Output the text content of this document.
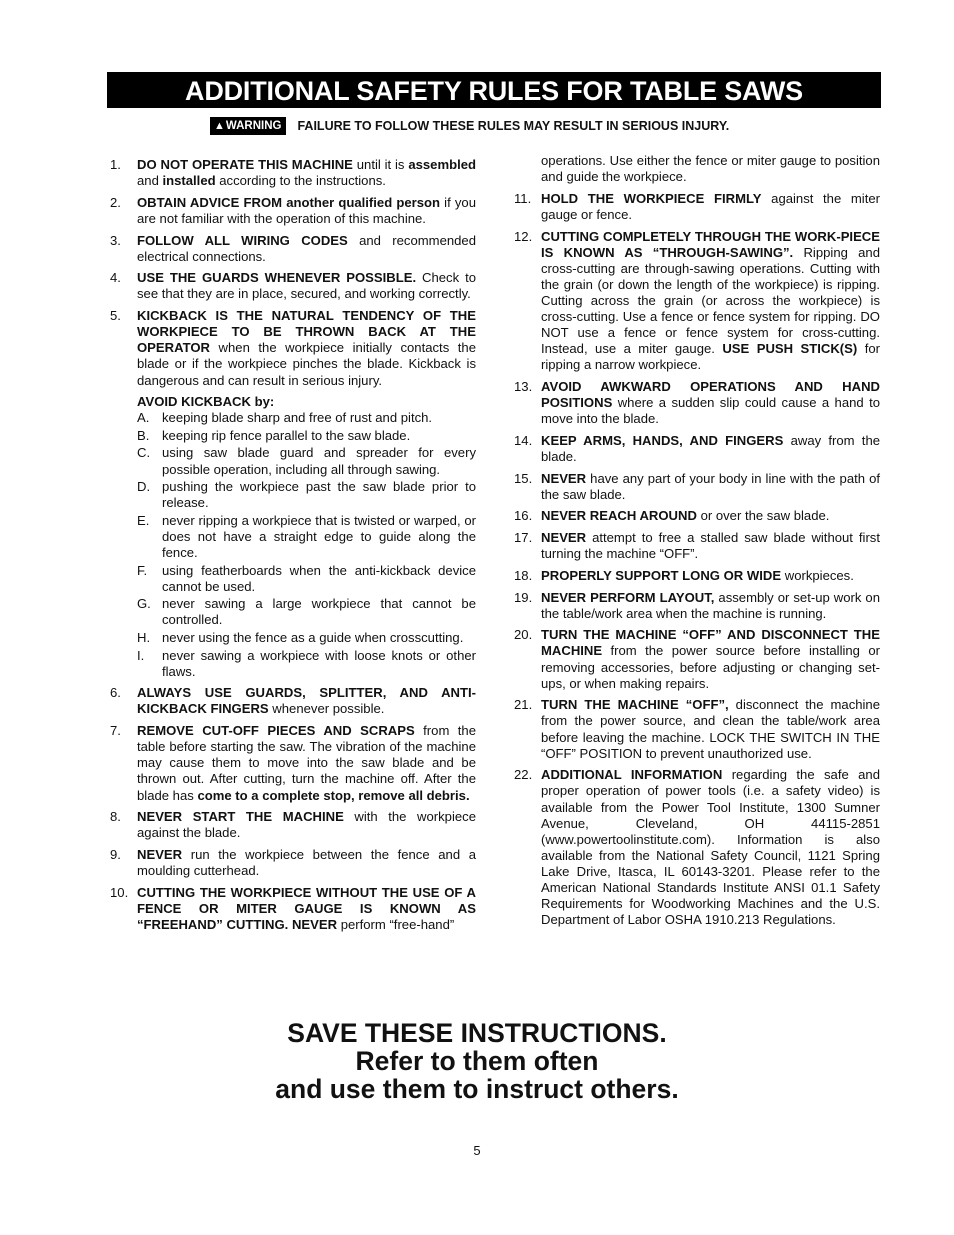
ADDITIONAL SAFETY RULES FOR TABLE SAWS
▲ WARNING FAILURE TO FOLLOW THESE RULES MAY RESULT IN SERIOUS INJURY.
1.	DO NOT OPERATE THIS MACHINE until it is assembled and installed according to the instructions.
2.	OBTAIN ADVICE FROM another qualified person if you are not familiar with the operation of this machine.
3.	FOLLOW ALL WIRING CODES and recommended electrical connections.
4.	USE THE GUARDS WHENEVER POSSIBLE. Check to see that they are in place, secured, and working correctly.
5.	KICKBACK IS THE NATURAL TENDENCY OF THE WORKPIECE TO BE THROWN BACK AT THE OPERATOR when the workpiece initially contacts the blade or if the workpiece pinches the blade. Kickback is dangerous and can result in serious injury.
AVOID KICKBACK by:
A. keeping blade sharp and free of rust and pitch.
B. keeping rip fence parallel to the saw blade.
C. using saw blade guard and spreader for every possible operation, including all through sawing.
D. pushing the workpiece past the saw blade prior to release.
E. never ripping a workpiece that is twisted or warped, or does not have a straight edge to guide along the fence.
F.	using featherboards when the anti-kickback device cannot be used.
G. never sawing a large workpiece that cannot be controlled.
H. never using the fence as a guide when crosscutting.
I.	never sawing a workpiece with loose knots or other flaws.
6.	ALWAYS USE GUARDS, SPLITTER, AND ANTI-KICKBACK FINGERS whenever possible.
7.	REMOVE CUT-OFF PIECES AND SCRAPS from the table before starting the saw. The vibration of the machine may cause them to move into the saw blade and be thrown out. After cutting, turn the machine off. After the blade has come to a complete stop, remove all debris.
8.	NEVER START THE MACHINE with the workpiece against the blade.
9.	NEVER run the workpiece between the fence and a moulding cutterhead.
10. CUTTING THE WORKPIECE WITHOUT THE USE OF A FENCE OR MITER GAUGE IS KNOWN AS “FREEHAND” CUTTING. NEVER perform “free-hand”
operations. Use either the fence or miter gauge to position and guide the workpiece.
11. HOLD THE WORKPIECE FIRMLY against the miter gauge or fence.
12. CUTTING COMPLETELY THROUGH THE WORK-PIECE IS KNOWN AS “THROUGH-SAWING”. Ripping and cross-cutting are through-sawing operations. Cutting with the grain (or down the length of the workpiece) is ripping. Cutting across the grain (or across the workpiece) is cross-cutting. Use a fence or fence system for ripping. DO NOT use a fence or fence system for cross-cutting. Instead, use a miter gauge. USE PUSH STICK(S) for ripping a narrow workpiece.
13. AVOID AWKWARD OPERATIONS AND HAND POSITIONS where a sudden slip could cause a hand to move into the blade.
14. KEEP ARMS, HANDS, AND FINGERS away from the blade.
15. NEVER have any part of your body in line with the path of the saw blade.
16. NEVER REACH AROUND or over the saw blade.
17. NEVER attempt to free a stalled saw blade without first turning the machine “OFF”.
18. PROPERLY SUPPORT LONG OR WIDE workpieces.
19. NEVER PERFORM LAYOUT, assembly or set-up work on the table/work area when the machine is running.
20. TURN THE MACHINE “OFF” AND DISCONNECT THE MACHINE from the power source before installing or removing accessories, before adjusting or changing set-ups, or when making repairs.
21. TURN THE MACHINE “OFF”, disconnect the machine from the power source, and clean the table/work area before leaving the machine. LOCK THE SWITCH IN THE “OFF” POSITION to prevent unauthorized use.
22. ADDITIONAL INFORMATION regarding the safe and proper operation of power tools (i.e. a safety video) is available from the Power Tool Institute, 1300 Sumner Avenue, Cleveland, OH 44115-2851 (www.powertoolinstitute.com). Information is also available from the National Safety Council, 1121 Spring Lake Drive, Itasca, IL 60143-3201. Please refer to the American National Standards Institute ANSI 01.1 Safety Requirements for Woodworking Machines and the U.S. Department of Labor OSHA 1910.213 Regulations.
SAVE THESE INSTRUCTIONS.
Refer to them often
and use them to instruct others.
5
